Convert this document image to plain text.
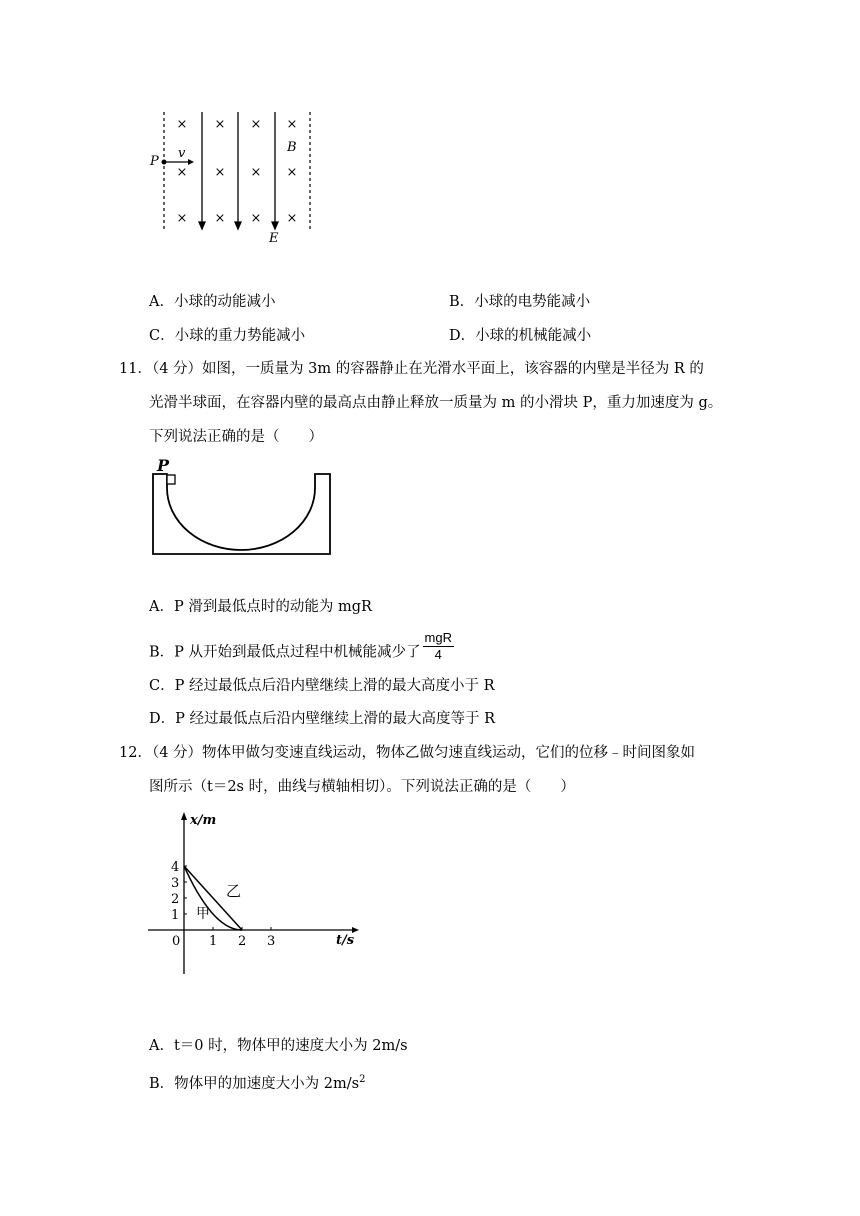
× × × ×
× × × ×
× × × ×
P
v	B
E
A．小球的动能减小	B．小球的电势能减小
C．小球的重力势能减小	D．小球的机械能减小
11．（4 分）如图，一质量为 3m 的容器静止在光滑水平面上，该容器的内壁是半径为 R 的
光滑半球面，在容器内壁的最高点由静止释放一质量为 m 的小滑块 P，重力加速度为 g。
下列说法正确的是（　　）
P
A．P 滑到最低点时的动能为 mgR
B．P 从开始到最低点过程中机械能减少了 $\frac{\text{mgR}}{4}$
C．P 经过最低点后沿内壁继续上滑的最大高度小于 R
D．P 经过最低点后沿内壁继续上滑的最大高度等于 R
12．（4 分）物体甲做匀变速直线运动，物体乙做匀速直线运动，它们的位移﹣时间图象如
图所示（t＝2s 时，曲线与横轴相切）。下列说法正确的是（　　）
x/m
t/s
0 1 2 3
1
2
3
4
甲
乙
A．t＝0 时，物体甲的速度大小为 2m/s
B．物体甲的加速度大小为 $2m/s^2$
